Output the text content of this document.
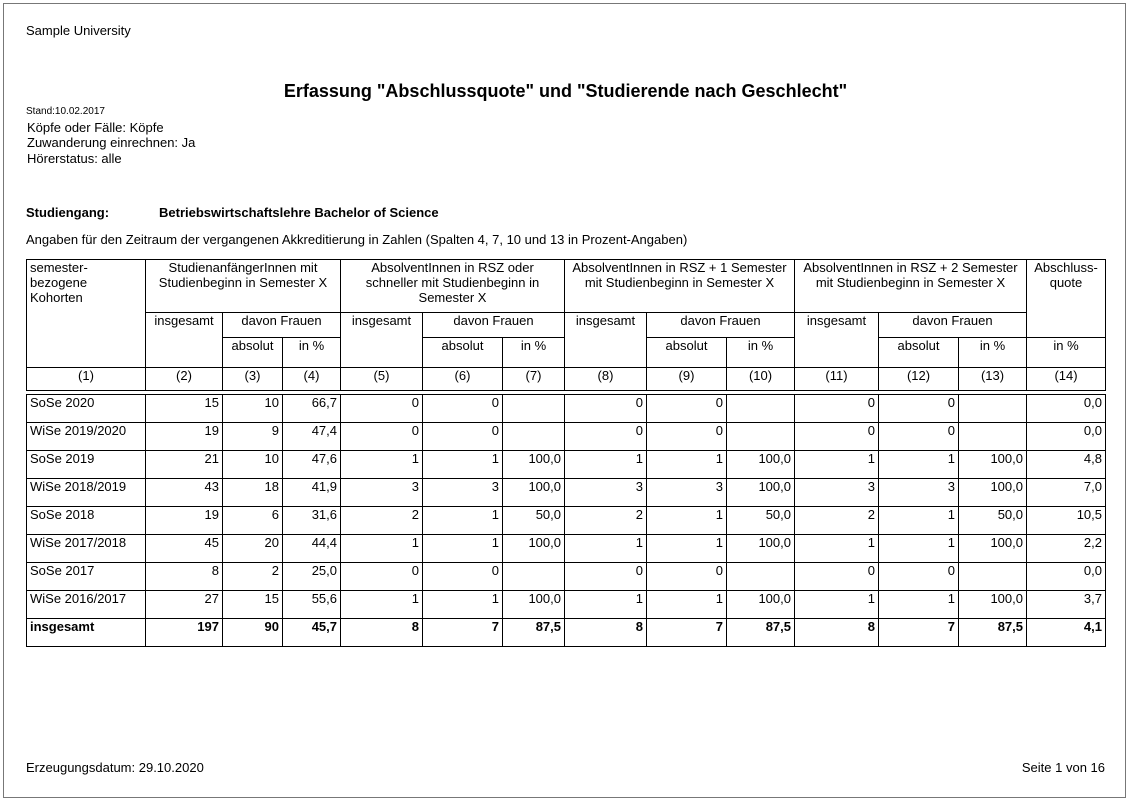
Sample University
Erfassung "Abschlussquote" und "Studierende nach Geschlecht"
Stand:10.02.2017
Köpfe oder Fälle: Köpfe
Zuwanderung einrechnen: Ja
Hörerstatus: alle
Studiengang:	Betriebswirtschaftslehre Bachelor of Science
Angaben für den Zeitraum der vergangenen Akkreditierung in Zahlen (Spalten 4, 7, 10 und 13 in Prozent-Angaben)
semester-bezogene Kohorten	StudienanfängerInnen mit Studienbeginn in Semester X			AbsolventInnen in RSZ oder schneller mit Studienbeginn in Semester X			AbsolventInnen in RSZ + 1 Semester mit Studienbeginn in Semester X			AbsolventInnen in RSZ + 2 Semester mit Studienbeginn in Semester X			Abschluss-quote
	insgesamt	davon Frauen		insgesamt	davon Frauen		insgesamt	davon Frauen		insgesamt	davon Frauen		
		absolut	in %		absolut	in %		absolut	in %		absolut	in %	in %
(1)	(2)	(3)	(4)	(5)	(6)	(7)	(8)	(9)	(10)	(11)	(12)	(13)	(14)

SoSe 2020	15	10	66,7	0	0		0	0		0	0		0,0
WiSe 2019/2020	19	9	47,4	0	0		0	0		0	0		0,0
SoSe 2019	21	10	47,6	1	1	100,0	1	1	100,0	1	1	100,0	4,8
WiSe 2018/2019	43	18	41,9	3	3	100,0	3	3	100,0	3	3	100,0	7,0
SoSe 2018	19	6	31,6	2	1	50,0	2	1	50,0	2	1	50,0	10,5
WiSe 2017/2018	45	20	44,4	1	1	100,0	1	1	100,0	1	1	100,0	2,2
SoSe 2017	8	2	25,0	0	0		0	0		0	0		0,0
WiSe 2016/2017	27	15	55,6	1	1	100,0	1	1	100,0	1	1	100,0	3,7
insgesamt	197	90	45,7	8	7	87,5	8	7	87,5	8	7	87,5	4,1
Erzeugungsdatum: 29.10.2020	Seite 1 von 16
